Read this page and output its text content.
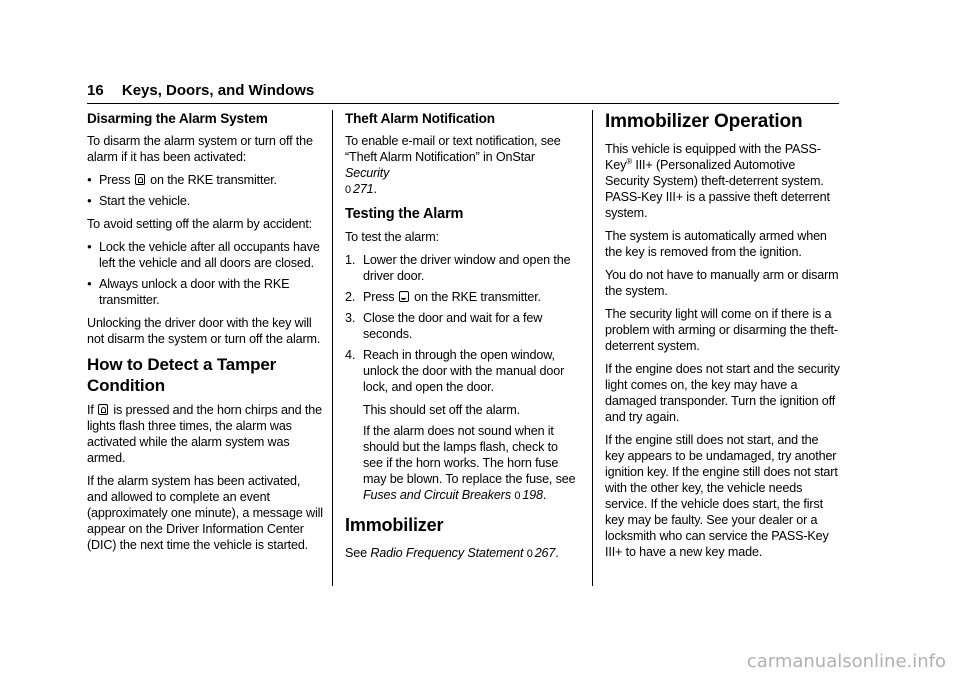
16 Keys, Doors, and Windows
Disarming the Alarm System

To disarm the alarm system or turn off the alarm if it has been activated:

● Press  on the RKE transmitter.
● Start the vehicle.

To avoid setting off the alarm by accident:

● Lock the vehicle after all occupants have left the vehicle and all doors are closed.
● Always unlock a door with the RKE transmitter.

Unlocking the driver door with the key will not disarm the system or turn off the alarm.

How to Detect a Tamper Condition

If  is pressed and the horn chirps and the lights flash three times, the alarm was activated while the alarm system was armed.

If the alarm system has been activated, and allowed to complete an event (approximately one minute), a message will appear on the Driver Information Center (DIC) the next time the vehicle is started.

Theft Alarm Notification

To enable e-mail or text notification, see “Theft Alarm Notification” in OnStar Security
0 271.

Testing the Alarm

To test the alarm:

1. Lower the driver window and open the driver door.
2. Press  on the RKE transmitter.
3. Close the door and wait for a few seconds.
4. Reach in through the open window, unlock the door with the manual door lock, and open the door.

This should set off the alarm.

If the alarm does not sound when it should but the lamps flash, check to see if the horn works. The horn fuse may be blown. To replace the fuse, see Fuses and Circuit Breakers 0 198.

Immobilizer

See Radio Frequency Statement 0 267.

Immobilizer Operation

This vehicle is equipped with the PASS-Key® III+ (Personalized Automotive Security System) theft-deterrent system. PASS-Key III+ is a passive theft deterrent system.

The system is automatically armed when the key is removed from the ignition.

You do not have to manually arm or disarm the system.

The security light will come on if there is a problem with arming or disarming the theft-deterrent system.

If the engine does not start and the security light comes on, the key may have a damaged transponder. Turn the ignition off and try again.

If the engine still does not start, and the key appears to be undamaged, try another ignition key. If the engine still does not start with the other key, the vehicle needs service. If the vehicle does start, the first key may be faulty. See your dealer or a locksmith who can service the PASS-Key III+ to have a new key made.

carmanualsonline.info
